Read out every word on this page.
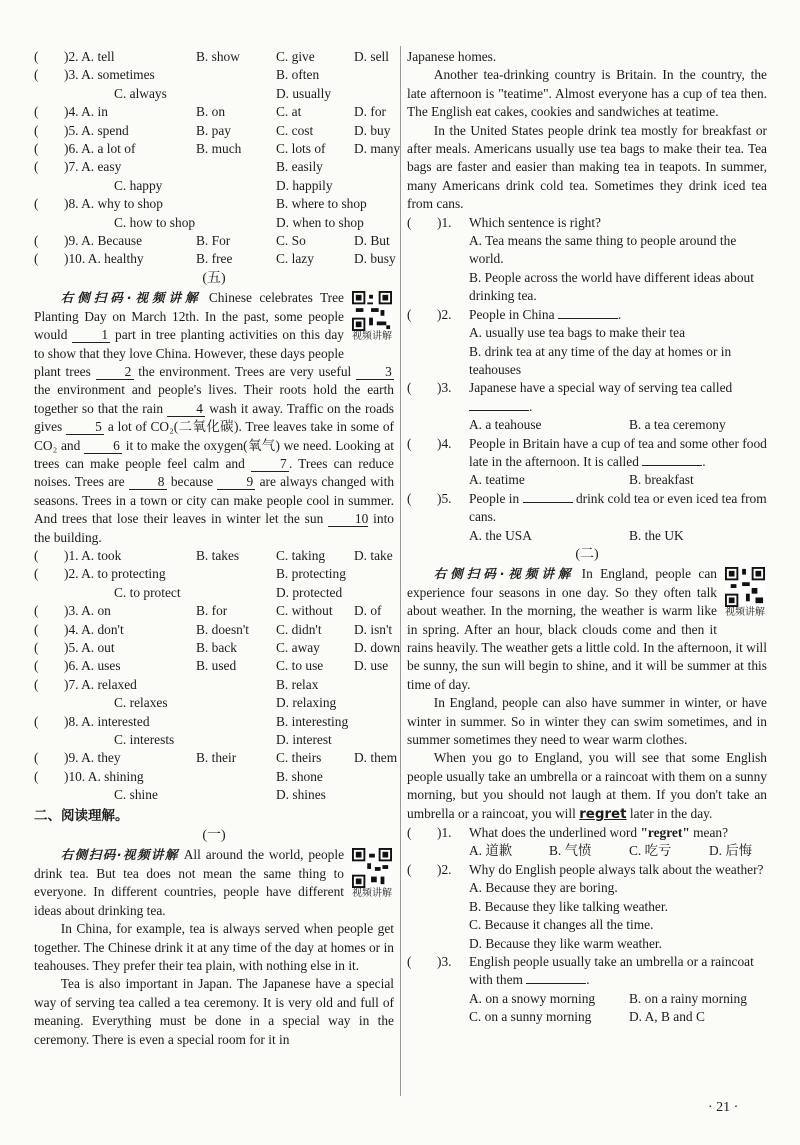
(	)2. A. tell	B. show	C. give	D. sell
(	)3. A. sometimes	B. often
C. always	D. usually
(	)4. A. in	B. on	C. at	D. for
(	)5. A. spend	B. pay	C. cost	D. buy
(	)6. A. a lot of	B. much	C. lots of	D. many
(	)7. A. easy	B. easily
C. happy	D. happily
(	)8. A. why to shop	B. where to shop
C. how to shop	D. when to shop
(	)9. A. Because	B. For	C. So	D. But
(	)10. A. healthy	B. free	C. lazy	D. busy
(五)
视频讲解

右侧扫码·视频讲解 Chinese celebrates Tree Planting Day on March 12th. In the past, some people would	1 part in tree planting activities on this day to show that they love China. However, these days people plant trees	2 the environment. Trees are very useful	3 the environment and people's lives. Their roots hold the earth together so that the rain 4 wash it away. Traffic on the roads gives 5 a lot of CO₂(二氧化碳). Tree leaves take in some of CO₂ and 6 it to make the oxygen(氧气) we need. Looking at trees can make people feel calm and	7 . Trees can reduce noises. Trees are 8 because 9 are always changed with seasons. Trees in a town or city can make people cool in summer. And trees that lose their leaves in winter let the sun 10 into the building.

(	)1. A. took	B. takes	C. taking	D. take
(	)2. A. to protecting	B. protecting
C. to protect	D. protected
(	)3. A. on	B. for	C. without	D. of
(	)4. A. don't	B. doesn't	C. didn't	D. isn't
(	)5. A. out	B. back	C. away	D. down
(	)6. A. uses	B. used	C. to use	D. use
(	)7. A. relaxed	B. relax
C. relaxes	D. relaxing
(	)8. A. interested	B. interesting
C. interests	D. interest
(	)9. A. they	B. their	C. theirs	D. them
(	)10. A. shining	B. shone
C. shine	D. shines
二、阅读理解。
(一)
视频讲解

右侧扫码·视频讲解 All around the world, people drink tea. But tea does not mean the same thing to everyone. In different countries, people have different ideas about drinking tea.

In China, for example, tea is always served when people get together. The Chinese drink it at any time of the day at homes or in teahouses. They prefer their tea plain, with nothing else in it.

Tea is also important in Japan. The Japanese have a special way of serving tea called a tea ceremony. It is very old and full of meaning. Everything must be done in a special way in the ceremony. There is even a special room for it in

Japanese homes.

Another tea-drinking country is Britain. In the country, the late afternoon is "teatime". Almost everyone has a cup of tea then. The English eat cakes, cookies and sandwiches at teatime.

In the United States people drink tea mostly for breakfast or after meals. Americans usually use tea bags to make their tea. Tea bags are faster and easier than making tea in teapots. In summer, many Americans drink cold tea. Sometimes they drink iced tea from cans.

(	)1.	Which sentence is right?
A. Tea means the same thing to people around the world.
B. People across the world have different ideas about drinking tea.
(	)2.	People in China	.
A. usually use tea bags to make their tea
B. drink tea at any time of the day at homes or in teahouses
(	)3.	Japanese have a special way of serving tea called
.
A. a teahouse	B. a tea ceremony
(	)4.	People in Britain have a cup of tea and some other food late in the afternoon. It is called	.
A. teatime	B. breakfast
(	)5.	People in	drink cold tea or even iced tea from cans.
A. the USA	B. the UK
(二)
视频讲解

右侧扫码·视频讲解 In England, people can experience four seasons in one day. So they often talk about weather. In the morning, the weather is warm like in spring. After an hour, black clouds come and then it rains heavily. The weather gets a little cold. In the afternoon, it will be sunny, the sun will begin to shine, and it will be summer at this time of day.

In England, people can also have summer in winter, or have winter in summer. So in winter they can swim sometimes, and in summer sometimes they need to wear warm clothes.

When you go to England, you will see that some English people usually take an umbrella or a raincoat with them on a sunny morning, but you should not laugh at them. If you don't take an umbrella or a raincoat, you will regret later in the day.

(	)1.	What does the underlined word "regret" mean?
A. 道歉	B. 气愤	C. 吃亏	D. 后悔
(	)2.	Why do English people always talk about the weather?
A. Because they are boring.
B. Because they like talking weather.
C. Because it changes all the time.
D. Because they like warm weather.
(	)3.	English people usually take an umbrella or a raincoat with them	.
A. on a snowy morning	B. on a rainy morning
C. on a sunny morning	D. A, B and C
· 21 ·
